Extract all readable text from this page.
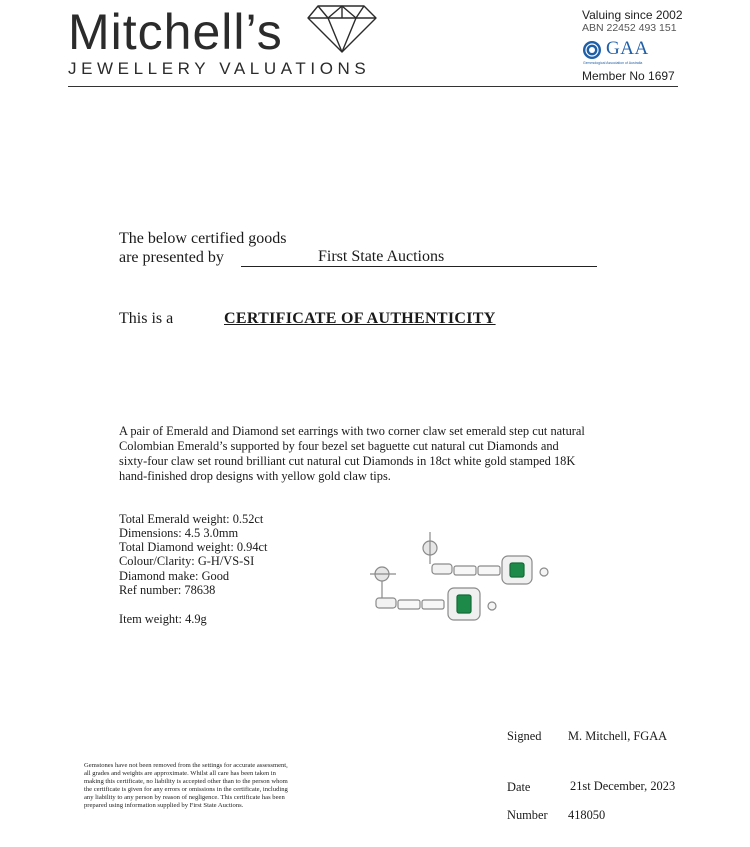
Mitchell’s
JEWELLERY VALUATIONS
Valuing since 2002
ABN 22452 493 151
GAA
Gemmological Association of Australia
Member No 1697
The below certified goods
are presented by	First State Auctions
This is a	CERTIFICATE OF AUTHENTICITY
A pair of Emerald and Diamond set earrings with two corner claw set emerald step cut natural Colombian Emerald’s supported by four bezel set baguette cut natural cut Diamonds and sixty-four claw set round brilliant cut natural cut Diamonds in 18ct white gold stamped 18K hand-finished drop designs with yellow gold claw tips.
Total Emerald weight: 0.52ct
Dimensions: 4.5 3.0mm
Total Diamond weight: 0.94ct
Colour/Clarity: G-H/VS-SI
Diamond make: Good
Ref number: 78638
Item weight: 4.9g
Signed M. Mitchell, FGAA
Date	21st December, 2023
Number 418050
Gemstones have not been removed from the settings for accurate assessment, all grades and weights are approximate. Whilst all care has been taken in making this certificate, no liability is accepted other than to the person whom the certificate is given for any errors or omissions in the certificate, including any liability to any person by reason of negligence. This certificate has been prepared using information supplied by First State Auctions.
